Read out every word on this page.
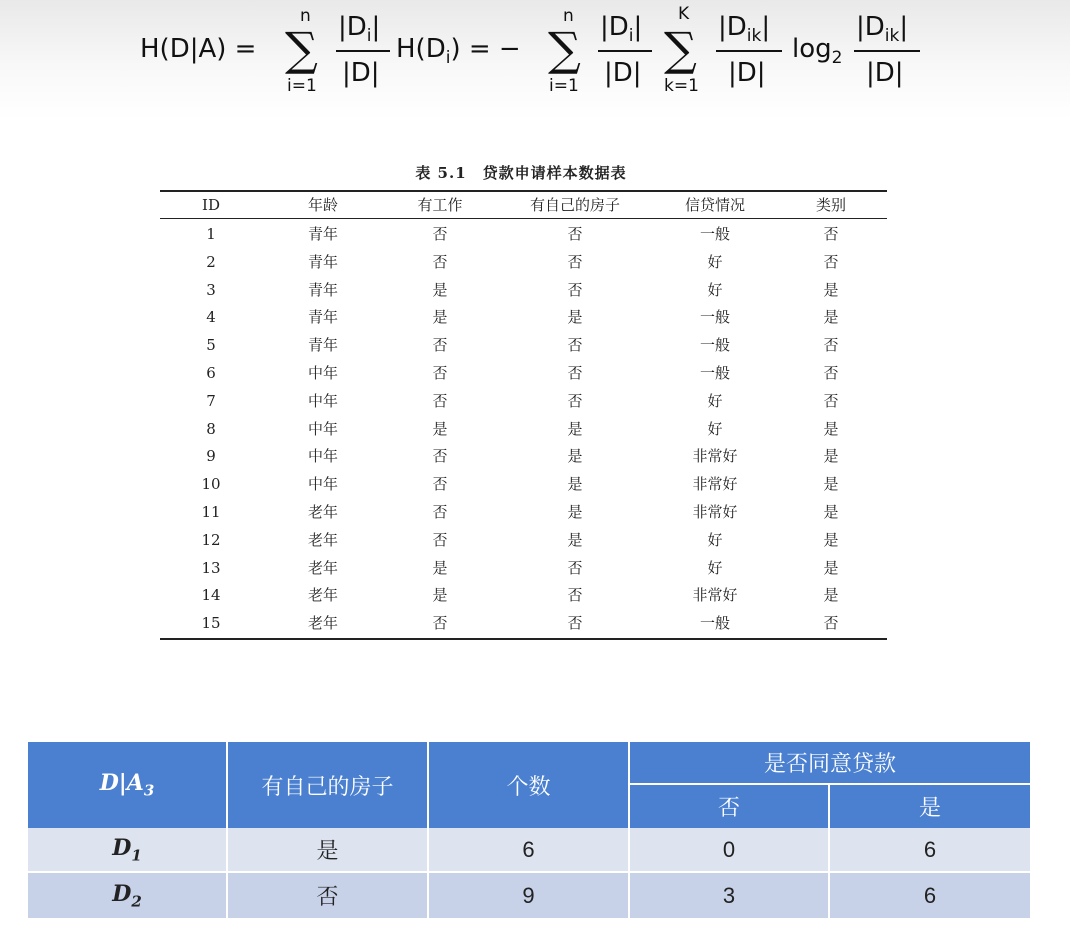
H(D|A) =
n
∑
i=1
$|D_i|$
|D|
$H(D_i)$ = −
n
∑
i=1
$|D_i|$
|D|
K
∑
k=1
$|D_{ik}|$
|D|
$\log_2$
$|D_{ik}|$
|D|
表 5.1　贷款申请样本数据表
ID	年龄	有工作	有自己的房子	信贷情况	类别
1	青年	否	否	一般	否
2	青年	否	否	好	否
3	青年	是	否	好	是
4	青年	是	是	一般	是
5	青年	否	否	一般	否
6	中年	否	否	一般	否
7	中年	否	否	好	否
8	中年	是	是	好	是
9	中年	否	是	非常好	是
10	中年	否	是	非常好	是
11	老年	否	是	非常好	是
12	老年	否	是	好	是
13	老年	是	否	好	是
14	老年	是	否	非常好	是
15	老年	否	否	一般	否
$D|A_3$	有自己的房子	个数
是否同意贷款
否	是
$D_1$	是	6	0	6
$D_2$	否	9	3	6
